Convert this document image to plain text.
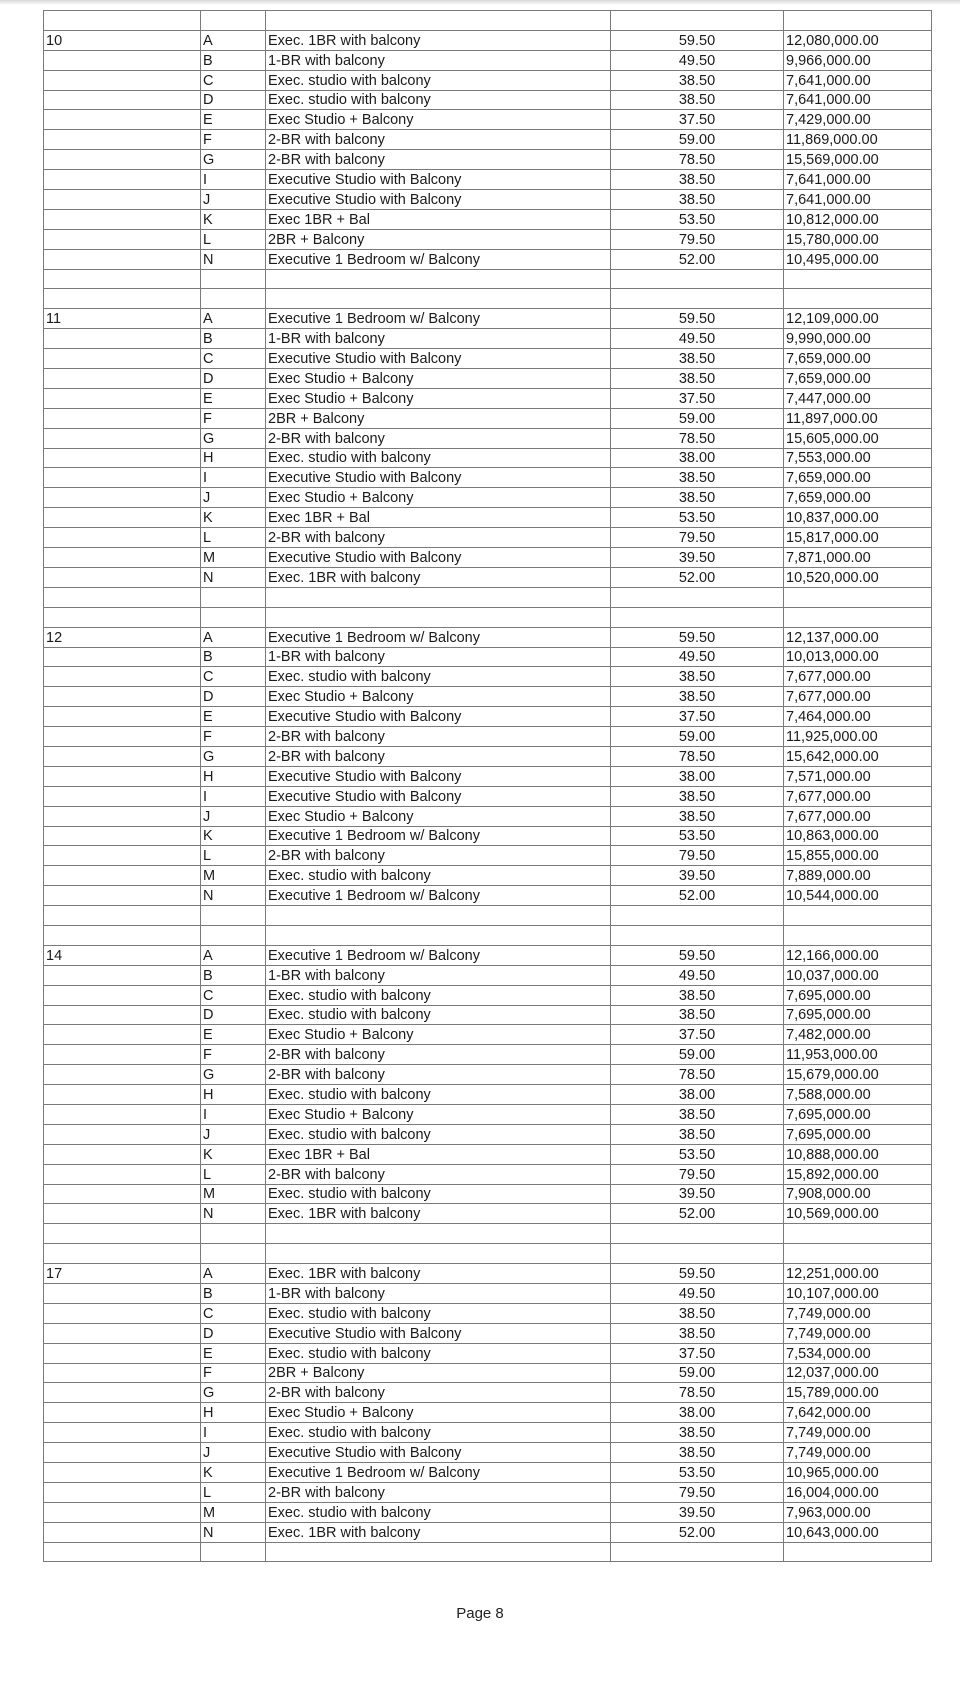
10	A	Exec. 1BR with balcony	59.50	12,080,000.00
	B	1-BR with balcony	49.50	9,966,000.00
	C	Exec. studio with balcony	38.50	7,641,000.00
	D	Exec. studio with balcony	38.50	7,641,000.00
	E	Exec Studio + Balcony	37.50	7,429,000.00
	F	2-BR with balcony	59.00	11,869,000.00
	G	2-BR with balcony	78.50	15,569,000.00
	I	Executive Studio with Balcony	38.50	7,641,000.00
	J	Executive Studio with Balcony	38.50	7,641,000.00
	K	Exec 1BR + Bal	53.50	10,812,000.00
	L	2BR + Balcony	79.50	15,780,000.00
	N	Executive 1 Bedroom w/ Balcony	52.00	10,495,000.00

11	A	Executive 1 Bedroom w/ Balcony	59.50	12,109,000.00
	B	1-BR with balcony	49.50	9,990,000.00
	C	Executive Studio with Balcony	38.50	7,659,000.00
	D	Exec Studio + Balcony	38.50	7,659,000.00
	E	Exec Studio + Balcony	37.50	7,447,000.00
	F	2BR + Balcony	59.00	11,897,000.00
	G	2-BR with balcony	78.50	15,605,000.00
	H	Exec. studio with balcony	38.00	7,553,000.00
	I	Executive Studio with Balcony	38.50	7,659,000.00
	J	Exec Studio + Balcony	38.50	7,659,000.00
	K	Exec 1BR + Bal	53.50	10,837,000.00
	L	2-BR with balcony	79.50	15,817,000.00
	M	Executive Studio with Balcony	39.50	7,871,000.00
	N	Exec. 1BR with balcony	52.00	10,520,000.00

12	A	Executive 1 Bedroom w/ Balcony	59.50	12,137,000.00
	B	1-BR with balcony	49.50	10,013,000.00
	C	Exec. studio with balcony	38.50	7,677,000.00
	D	Exec Studio + Balcony	38.50	7,677,000.00
	E	Executive Studio with Balcony	37.50	7,464,000.00
	F	2-BR with balcony	59.00	11,925,000.00
	G	2-BR with balcony	78.50	15,642,000.00
	H	Executive Studio with Balcony	38.00	7,571,000.00
	I	Executive Studio with Balcony	38.50	7,677,000.00
	J	Exec Studio + Balcony	38.50	7,677,000.00
	K	Executive 1 Bedroom w/ Balcony	53.50	10,863,000.00
	L	2-BR with balcony	79.50	15,855,000.00
	M	Exec. studio with balcony	39.50	7,889,000.00
	N	Executive 1 Bedroom w/ Balcony	52.00	10,544,000.00

14	A	Executive 1 Bedroom w/ Balcony	59.50	12,166,000.00
	B	1-BR with balcony	49.50	10,037,000.00
	C	Exec. studio with balcony	38.50	7,695,000.00
	D	Exec. studio with balcony	38.50	7,695,000.00
	E	Exec Studio + Balcony	37.50	7,482,000.00
	F	2-BR with balcony	59.00	11,953,000.00
	G	2-BR with balcony	78.50	15,679,000.00
	H	Exec. studio with balcony	38.00	7,588,000.00
	I	Exec Studio + Balcony	38.50	7,695,000.00
	J	Exec. studio with balcony	38.50	7,695,000.00
	K	Exec 1BR + Bal	53.50	10,888,000.00
	L	2-BR with balcony	79.50	15,892,000.00
	M	Exec. studio with balcony	39.50	7,908,000.00
	N	Exec. 1BR with balcony	52.00	10,569,000.00

17	A	Exec. 1BR with balcony	59.50	12,251,000.00
	B	1-BR with balcony	49.50	10,107,000.00
	C	Exec. studio with balcony	38.50	7,749,000.00
	D	Executive Studio with Balcony	38.50	7,749,000.00
	E	Exec. studio with balcony	37.50	7,534,000.00
	F	2BR + Balcony	59.00	12,037,000.00
	G	2-BR with balcony	78.50	15,789,000.00
	H	Exec Studio + Balcony	38.00	7,642,000.00
	I	Exec. studio with balcony	38.50	7,749,000.00
	J	Executive Studio with Balcony	38.50	7,749,000.00
	K	Executive 1 Bedroom w/ Balcony	53.50	10,965,000.00
	L	2-BR with balcony	79.50	16,004,000.00
	M	Exec. studio with balcony	39.50	7,963,000.00
	N	Exec. 1BR with balcony	52.00	10,643,000.00

Page 8
